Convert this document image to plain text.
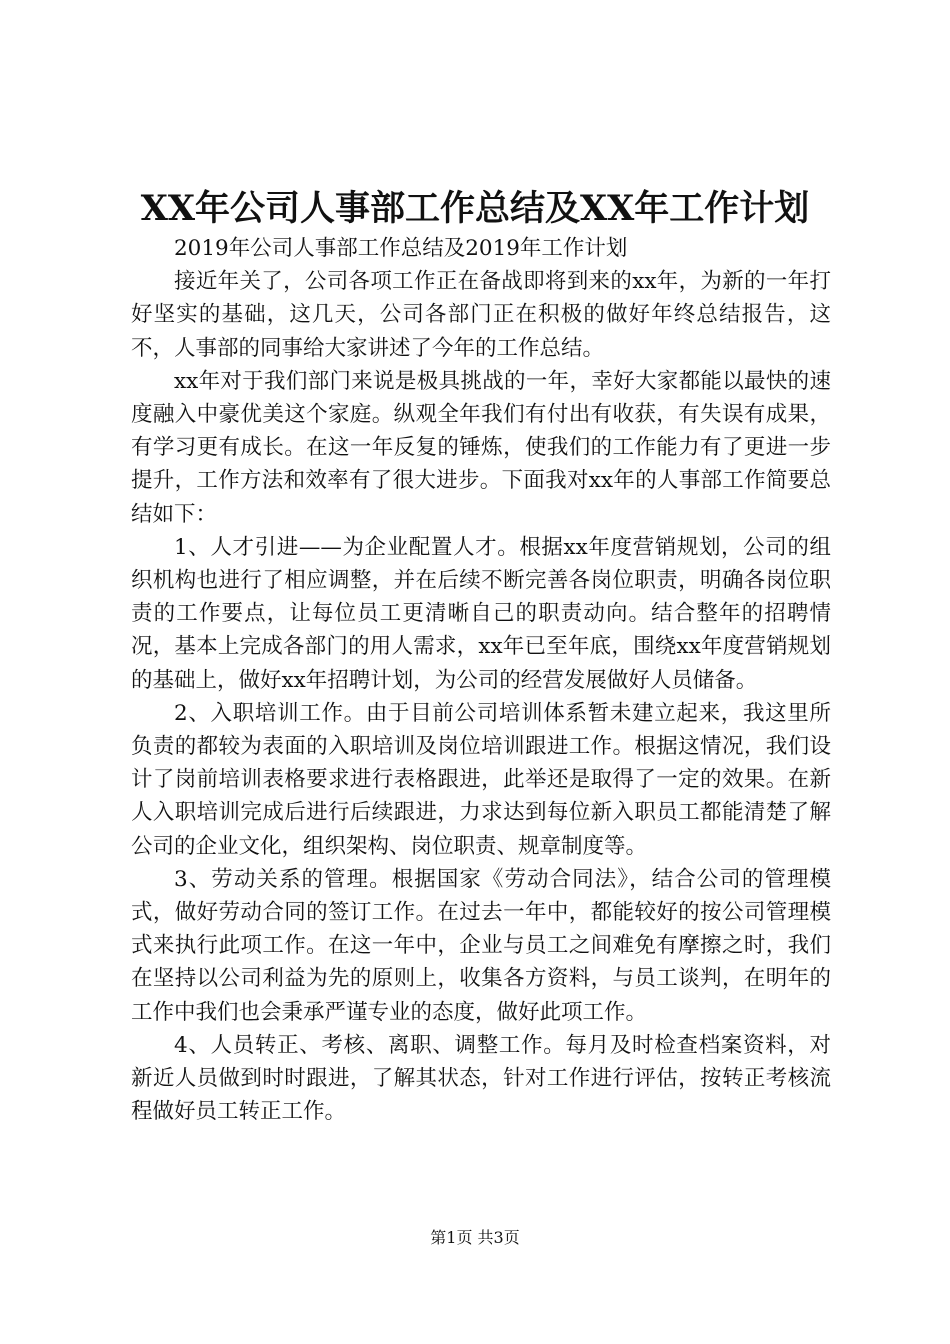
XX年公司人事部工作总结及XX年工作计划

2019年公司人事部工作总结及2019年工作计划

接近年关了，公司各项工作正在备战即将到来的xx年，为新的一年打好坚实的基础，这几天，公司各部门正在积极的做好年终总结报告，这不，人事部的同事给大家讲述了今年的工作总结。

xx年对于我们部门来说是极具挑战的一年，幸好大家都能以最快的速度融入中豪优美这个家庭。纵观全年我们有付出有收获，有失误有成果，有学习更有成长。在这一年反复的锤炼，使我们的工作能力有了更进一步提升，工作方法和效率有了很大进步。下面我对xx年的人事部工作简要总结如下：

1、人才引进——为企业配置人才。根据xx年度营销规划，公司的组织机构也进行了相应调整，并在后续不断完善各岗位职责，明确各岗位职责的工作要点，让每位员工更清晰自己的职责动向。结合整年的招聘情况，基本上完成各部门的用人需求，xx年已至年底，围绕xx年度营销规划的基础上，做好xx年招聘计划，为公司的经营发展做好人员储备。

2、入职培训工作。由于目前公司培训体系暂未建立起来，我这里所负责的都较为表面的入职培训及岗位培训跟进工作。根据这情况，我们设计了岗前培训表格要求进行表格跟进，此举还是取得了一定的效果。在新人入职培训完成后进行后续跟进，力求达到每位新入职员工都能清楚了解公司的企业文化，组织架构、岗位职责、规章制度等。

3、劳动关系的管理。根据国家《劳动合同法》，结合公司的管理模式，做好劳动合同的签订工作。在过去一年中，都能较好的按公司管理模式来执行此项工作。在这一年中，企业与员工之间难免有摩擦之时，我们在坚持以公司利益为先的原则上，收集各方资料，与员工谈判，在明年的工作中我们也会秉承严谨专业的态度，做好此项工作。

4、人员转正、考核、离职、调整工作。每月及时检查档案资料，对新近人员做到时时跟进，了解其状态，针对工作进行评估，按转正考核流程做好员工转正工作。

第1页 共3页
